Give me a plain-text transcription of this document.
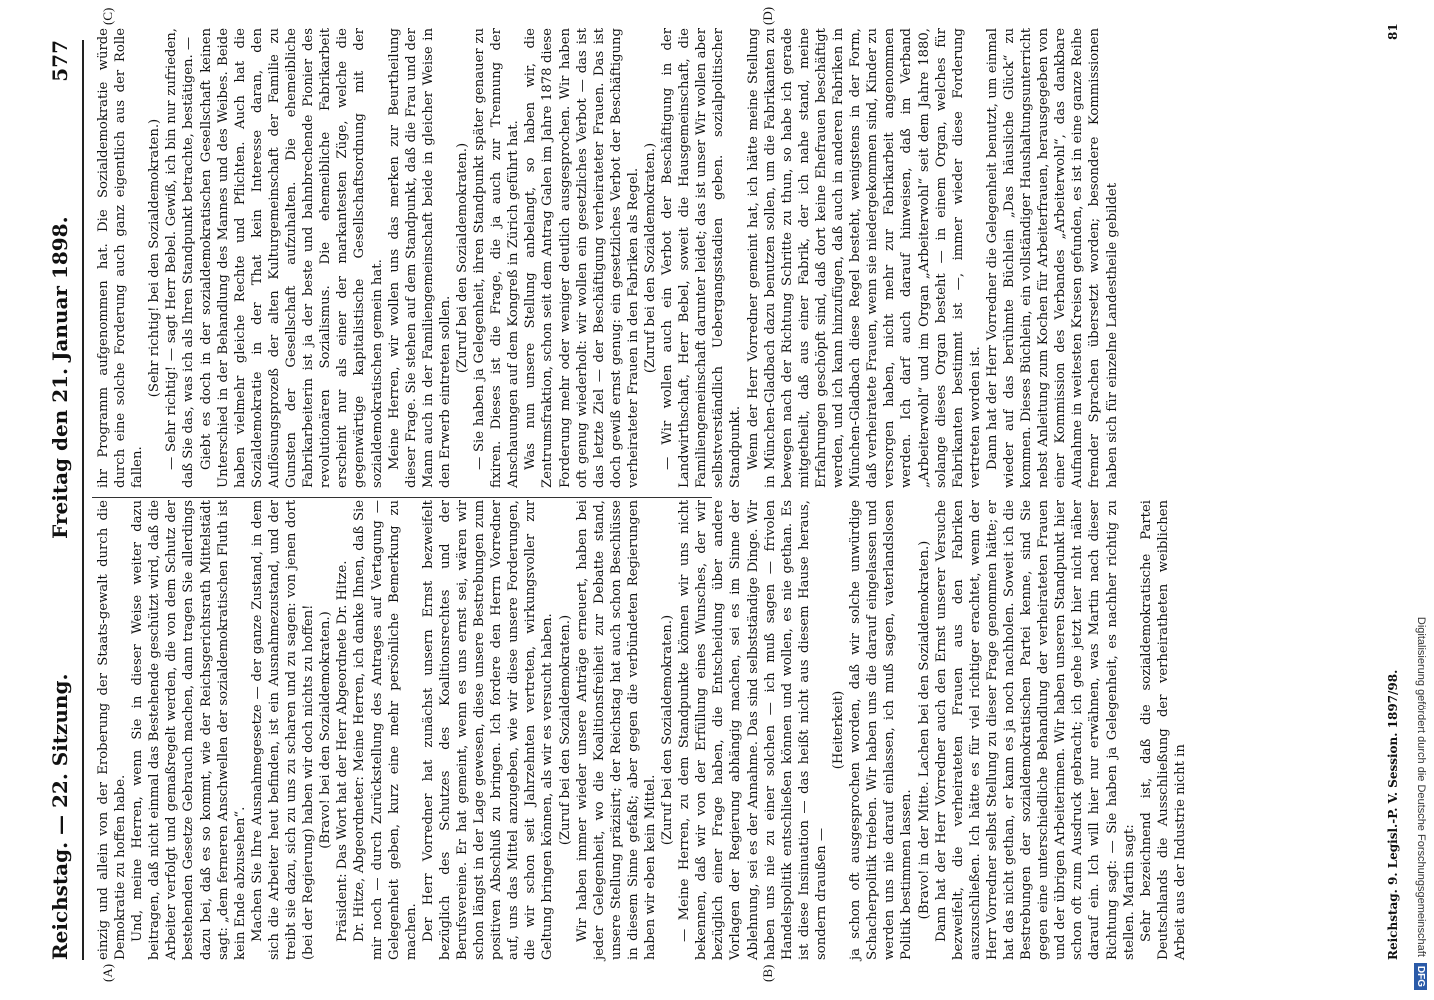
Reichstag. — 22. Sitzung.
Freitag den 21. Januar 1898.
577
(A)	(B)
(C)	(D)

einzig und allein von der Eroberung der Staats-gewalt durch die Demokratie zu hoffen habe. Und, meine Herren, wenn Sie in dieser Weise weiter dazu beitragen, daß nicht einmal das Bestehende geschützt wird, daß die Arbeiter verfolgt und gemaßregelt werden, die von dem Schutz der bestehenden Gesetze Gebrauch machen, dann tragen Sie allerdings dazu bei, daß es so kommt, wie der Reichsgerichtsrath Mittelstädt sagt: „dem ferneren Anschwellen der sozialdemokratischen Fluth ist kein Ende abzusehen“. Machen Sie Ihre Ausnahmegesetze — der ganze Zustand, in dem sich die Arbeiter heut befinden, ist ein Ausnahmezustand, und der treibt sie dazu, sich zu uns zu scharen und zu sagen: von jenen dort (bei der Regierung) haben wir doch nichts zu hoffen! (Bravo! bei den Sozialdemokraten.) Präsident: Das Wort hat der Herr Abgeordnete Dr. Hitze. Dr. Hitze, Abgeordneter: Meine Herren, ich danke Ihnen, daß Sie mir noch — durch Zurückstellung des Antrages auf Vertagung — Gelegenheit geben, kurz eine mehr persönliche Bemerkung zu machen. Der Herr Vorredner hat zunächst unsern Ernst bezweifelt bezüglich des Schutzes des Koalitionsrechtes und der Berufsvereine. Er hat gemeint, wenn es uns ernst sei, wären wir schon längst in der Lage gewesen, diese unsere Bestrebungen zum positiven Abschluß zu bringen. Ich fordere den Herrn Vorredner auf, uns das Mittel anzugeben, wie wir diese unsere Forderungen, die wir schon seit Jahrzehnten vertreten, wirkungsvoller zur Geltung bringen können, als wir es versucht haben. (Zuruf bei den Sozialdemokraten.) Wir haben immer wieder unsere Anträge erneuert, haben bei jeder Gelegenheit, wo die Koalitionsfreiheit zur Debatte stand, unsere Stellung präzisirt; der Reichstag hat auch schon Beschlüsse in diesem Sinne gefaßt; aber gegen die verbündeten Regierungen haben wir eben kein Mittel.

(Zuruf bei den Sozialdemokraten.) — Meine Herren, zu dem Standpunkte können wir uns nicht bekennen, daß wir von der Erfüllung eines Wunsches, der wir bezüglich einer Frage haben, die Entscheidung über andere Vorlagen der Regierung abhängig machen, sei es im Sinne der Ablehnung, sei es der Annahme. Das sind selbstständige Dinge. Wir haben uns nie zu einer solchen — ich muß sagen — frivolen Handelspolitik entschließen können und wollen, es nie gethan. Es ist diese Insinuation — das heißt nicht aus diesem Hause heraus, sondern draußen —

(Heiterkeit) ja schon oft ausgesprochen worden, daß wir solche unwürdige Schacherpolitik trieben. Wir haben uns die darauf eingelassen und werden uns nie darauf einlassen, ich muß sagen, vaterlandslosen Politik bestimmen lassen. (Bravo! in der Mitte. Lachen bei den Sozialdemokraten.) Dann hat der Herr Vorredner auch den Ernst unserer Versuche bezweifelt, die verheirateten Frauen aus den Fabriken auszuschließen. Ich hätte es für viel richtiger erachtet, wenn der Herr Vorredner selbst Stellung zu dieser Frage genommen hätte; er hat das nicht gethan, er kann es ja noch nachholen. Soweit ich die Bestrebungen der sozialdemokratischen Partei kenne, sind Sie gegen eine unterschiedliche Behandlung der verheirateten Frauen und der übrigen Arbeiterinnen. Wir haben unseren Standpunkt hier schon oft zum Ausdruck gebracht; ich gehe jetzt hier nicht näher darauf ein. Ich will hier nur erwähnen, was Martin nach dieser Richtung sagt: — Sie haben ja Gelegenheit, es nachher richtig zu stellen. Martin sagt: Sehr bezeichnend ist, daß die sozialdemokratische Partei Deutschlands die Ausschließung der verheiratheten weiblichen Arbeit aus der Industrie nicht in

ihr Programm aufgenommen hat. Die Sozialdemokratie würde durch eine solche Forderung auch ganz eigentlich aus der Rolle fallen.

(Sehr richtig! bei den Sozialdemokraten.) — Sehr richtig! — sagt Herr Bebel. Gewiß, ich bin nur zufrieden, daß Sie das, was ich als Ihren Standpunkt betrachte, bestätigen. — Giebt es doch in der sozialdemokratischen Gesellschaft keinen Unterschied in der Behandlung des Mannes und des Weibes. Beide haben vielmehr gleiche Rechte und Pflichten. Auch hat die Sozialdemokratie in der That kein Interesse daran, den Auflösungsprozeß der alten Kulturgemeinschaft der Familie zu Gunsten der Gesellschaft aufzuhalten. Die ehemeibliche Fabrikarbeiterin ist ja der beste und bahnbrechende Pionier des revolutionären Sozialismus. Die ehemeibliche Fabrikarbeit erscheint nur als einer der markantesten Züge, welche die gegenwärtige kapitalistische Gesellschaftsordnung mit der sozialdemokratischen gemein hat. Meine Herren, wir wollen uns das merken zur Beurtheilung dieser Frage. Sie stehen auf dem Standpunkt, daß die Frau und der Mann auch in der Familiengemeinschaft beide in gleicher Weise in den Erwerb eintreten sollen.

(Zuruf bei den Sozialdemokraten.) — Sie haben ja Gelegenheit, ihren Standpunkt später genauer zu fixiren. Dieses ist die Frage, die ja auch zur Trennung der Anschauungen auf dem Kongreß in Zürich geführt hat. Was nun unsere Stellung anbelangt, so haben wir, die Zentrumsfraktion, schon seit dem Antrag Galen im Jahre 1878 diese Forderung mehr oder weniger deutlich ausgesprochen. Wir haben oft genug wiederholt: wir wollen ein gesetzliches Verbot — das ist das letzte Ziel — der Beschäftigung verheirateter Frauen. Das ist doch gewiß ernst genug: ein gesetzliches Verbot der Beschäftigung verheirateter Frauen in den Fabriken als Regel. (Zuruf bei den Sozialdemokraten.) — Wir wollen auch ein Verbot der Beschäftigung in der Landwirthschaft, Herr Bebel, soweit die Hausgemeinschaft, die Familiengemeinschaft darunter leidet; das ist unser Wir wollen aber selbstverständlich Uebergangsstadien geben. sozialpolitischer Standpunkt. Wenn der Herr Vorredner gemeint hat, ich hätte meine Stellung in München-Gladbach dazu benutzen sollen, um die Fabrikanten zu bewegen nach der Richtung Schritte zu thun, so habe ich gerade mitgetheilt, daß aus einer Fabrik, der ich nahe stand, meine Erfahrungen geschöpft sind, daß dort keine Ehefrauen beschäftigt werden, und ich kann hinzufügen, daß auch in anderen Fabriken in München-Gladbach diese Regel besteht, wenigstens in der Form, daß verheiratete Frauen, wenn sie niedergekommen sind, Kinder zu versorgen haben, nicht mehr zur Fabrikarbeit angenommen werden. Ich darf auch darauf hinweisen, daß im Verband „Arbeiterwohl“ und im Organ „Arbeiterwohl“ seit dem Jahre 1880, solange dieses Organ besteht — in einem Organ, welches für Fabrikanten bestimmt ist —, immer wieder diese Forderung vertreten worden ist. Dann hat der Herr Vorredner die Gelegenheit benutzt, um einmal wieder auf das berühmte Büchlein „Das häusliche Glück“ zu kommen. Dieses Büchlein, ein vollständiger Haushaltungsunterricht nebst Anleitung zum Kochen für Arbeiterfrauen, herausgegeben von einer Kommission des Verbandes „Arbeiterwohl“, das dankbare Aufnahme in weitesten Kreisen gefunden, es ist in eine ganze Reihe fremder Sprachen übersetzt worden; besondere Kommissionen haben sich für einzelne Landestheile gebildet

Reichstag. 9. Legisl.-P. V. Session. 1897/98.
81
Digitalisierung gefördert durch die Deutsche Forschungsgemeinschaft
DFG
